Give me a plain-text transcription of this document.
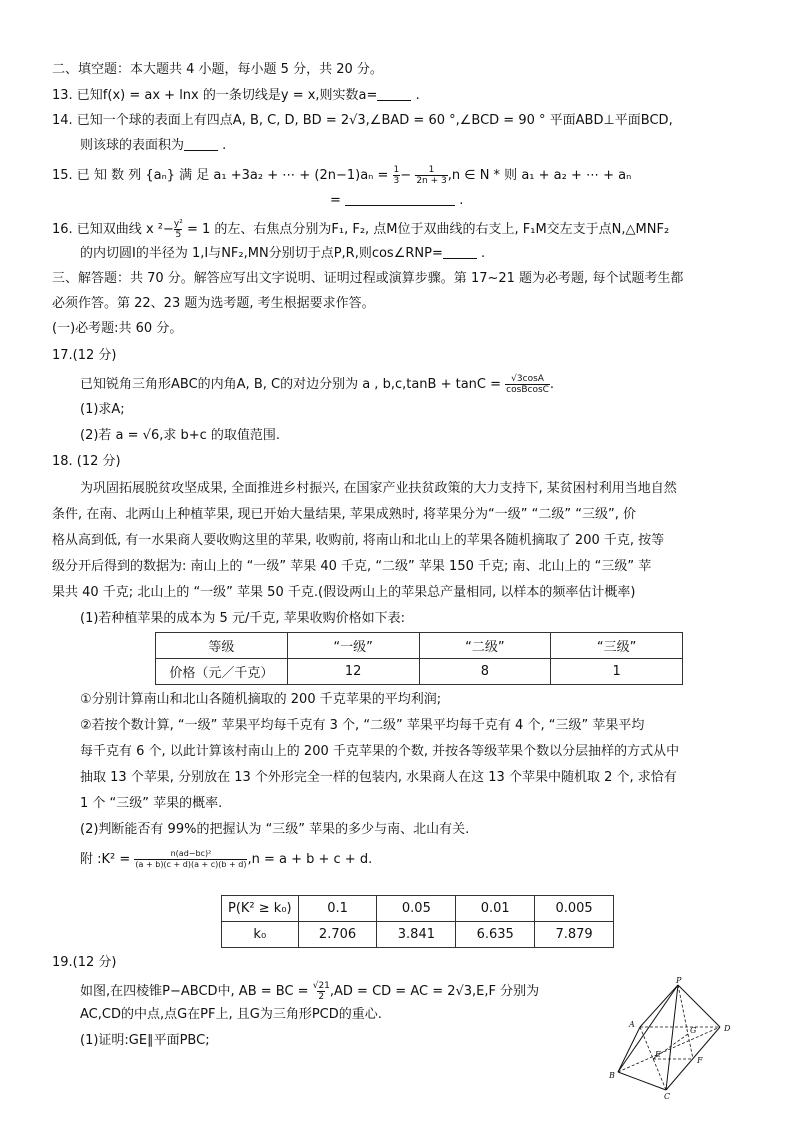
二、填空题：本大题共 4 小题，每小题 5 分，共 20 分。
13. 已知f(x) = ax + lnx 的一条切线是y = x,则实数a=	.
14. 已知一个球的表面上有四点A, B, C, D, BD = 2√3,∠BAD = 60 °,∠BCD = 90 ° 平面ABD⊥平面BCD,
则该球的表面积为	.
15. 已 知 数 列 {aₙ} 满 足 a₁ +3a₂ + ⋯ + $(2n-1)a_n = \frac{1}{3} - \frac{1}{2n + 3} ,n$ ∈ N * 则 a₁ + a₂ + ⋯ + aₙ
=	.
16. 已知双曲线 x $^2- \frac{\text{y²}}{5} = 1$ 的左、右焦点分别为F₁, F₂, 点M位于双曲线的右支上, F₁M交左支于点N,△MNF₂
的内切圆I的半径为 1,I与NF₂,MN分别切于点P,R,则cos∠RNP=	.
三、解答题：共 70 分。解答应写出文字说明、证明过程或演算步骤。第 17~21 题为必考题, 每个试题考生都
必须作答。第 22、23 题为选考题, 考生根据要求作答。
(一)必考题:共 60 分。
17.(12 分)
已知锐角三角形ABC的内角A, B, C的对边分别为 a , $b,c,\tan B + \tan C = \frac{√3\cos A}{\text{cosBcosC}}$ .
(1)求A;
(2)若 a = √6,求 b+c 的取值范围.
18. (12 分)
为巩固拓展脱贫攻坚成果, 全面推进乡村振兴, 在国家产业扶贫政策的大力支持下, 某贫困村利用当地自然
条件, 在南、北两山上种植苹果, 现已开始大量结果, 苹果成熟时, 将苹果分为“一级” “二级” “三级”, 价
格从高到低, 有一水果商人要收购这里的苹果, 收购前, 将南山和北山上的苹果各随机摘取了 200 千克, 按等
级分开后得到的数据为: 南山上的 “一级” 苹果 40 千克, “二级” 苹果 150 千克; 南、北山上的 “三级” 苹
果共 40 千克; 北山上的 “一级” 苹果 50 千克.(假设两山上的苹果总产量相同, 以样本的频率估计概率)
(1)若种植苹果的成本为 5 元/千克, 苹果收购价格如下表:
等级	“一级”	“二级”	“三级”
价格（元／千克）	12	8	1
①分别计算南山和北山各随机摘取的 200 千克苹果的平均利润;
②若按个数计算, “一级” 苹果平均每千克有 3 个, “二级” 苹果平均每千克有 4 个, “三级” 苹果平均
每千克有 6 个, 以此计算该村南山上的 200 千克苹果的个数, 并按各等级苹果个数以分层抽样的方式从中
抽取 13 个苹果, 分别放在 13 个外形完全一样的包装内, 水果商人在这 13 个苹果中随机取 2 个, 求恰有
1 个 “三级” 苹果的概率.
(2)判断能否有 99%的把握认为 “三级” 苹果的多少与南、北山有关.
附 :K² = $\frac{\text{n(ad−bc)²}}{(a + b)(c + d)(a + c)(b + d)} ,n = a + b + c + d$.
P(K² ≥ k₀)	0.1	0.05	0.01	0.005
k₀	2.706	3.841	6.635	7.879
19.(12 分)
如图,在四棱锥P−ABCD中, AB = BC = $\frac{√21}{2} ,AD$ = CD = AC = 2√3,E,F 分别为
AC,CD的中点,点G在PF上, 且G为三角形PCD的重心.
(1)证明:GE∥平面PBC;
P
A
B
C
D
E
F
G
